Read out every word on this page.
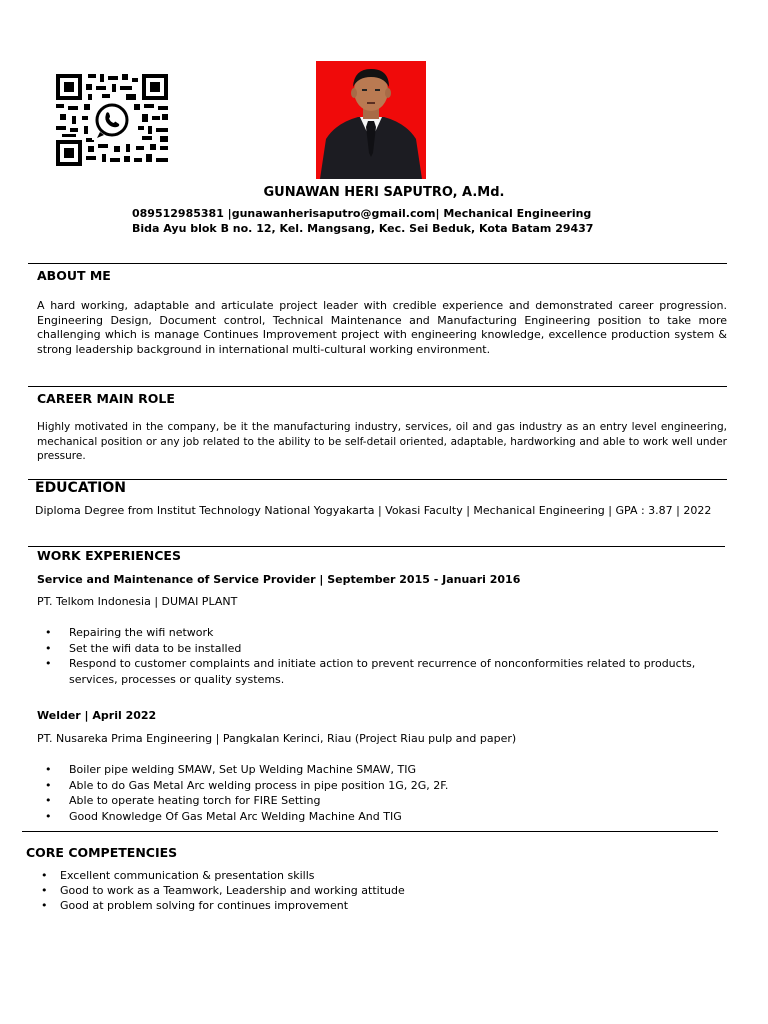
GUNAWAN HERI SAPUTRO, A.Md.
089512985381 |gunawanherisaputro@gmail.com| Mechanical Engineering
Bida Ayu blok B no. 12, Kel. Mangsang, Kec. Sei Beduk, Kota Batam 29437
ABOUT ME
A hard working, adaptable and articulate project leader with credible experience and demonstrated career progression. Engineering Design, Document control, Technical Maintenance and Manufacturing Engineering position to take more challenging which is manage Continues Improvement project with engineering knowledge, excellence production system & strong leadership background in international multi-cultural working environment.
CAREER MAIN ROLE
Highly motivated in the company, be it the manufacturing industry, services, oil and gas industry as an entry level engineering, mechanical position or any job related to the ability to be self-detail oriented, adaptable, hardworking and able to work well under pressure.
EDUCATION
Diploma Degree from Institut Technology National Yogyakarta | Vokasi Faculty | Mechanical Engineering | GPA : 3.87 | 2022
WORK EXPERIENCES
Service and Maintenance of Service Provider | September 2015 - Januari 2016
PT. Telkom Indonesia | DUMAI PLANT
• Repairing the wifi network
• Set the wifi data to be installed
• Respond to customer complaints and initiate action to prevent recurrence of nonconformities related to products, services, processes or quality systems.
Welder | April 2022
PT. Nusareka Prima Engineering | Pangkalan Kerinci, Riau (Project Riau pulp and paper)
• Boiler pipe welding SMAW, Set Up Welding Machine SMAW, TIG
• Able to do Gas Metal Arc welding process in pipe position 1G, 2G, 2F.
• Able to operate heating torch for FIRE Setting
• Good Knowledge Of Gas Metal Arc Welding Machine And TIG
CORE COMPETENCIES
• Excellent communication & presentation skills
• Good to work as a Teamwork, Leadership and working attitude
• Good at problem solving for continues improvement
